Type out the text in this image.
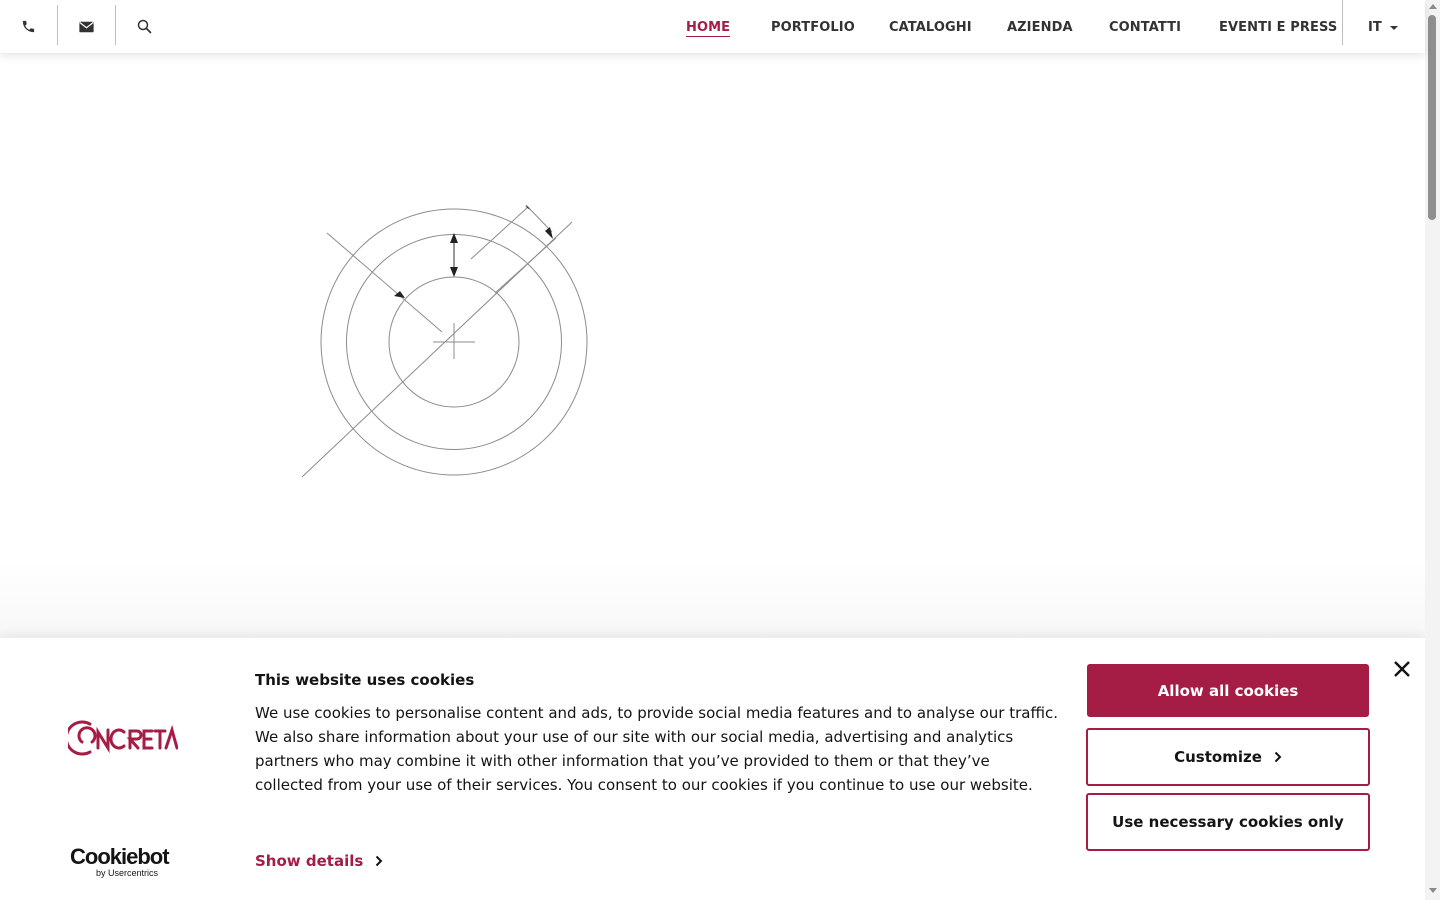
HOME	PORTFOLIO	CATALOGHI	AZIENDA	CONTATTI	EVENTI E PRESS IT
Cookiebot
by Usercentrics
This website uses cookies
We use cookies to personalise content and ads, to provide social media features and to analyse our traffic. We also share information about your use of our site with our social media, advertising and analytics partners who may combine it with other information that you’ve provided to them or that they’ve collected from your use of their services. You consent to our cookies if you continue to use our website.
Show details
Allow all cookies
Customize
Use necessary cookies only
